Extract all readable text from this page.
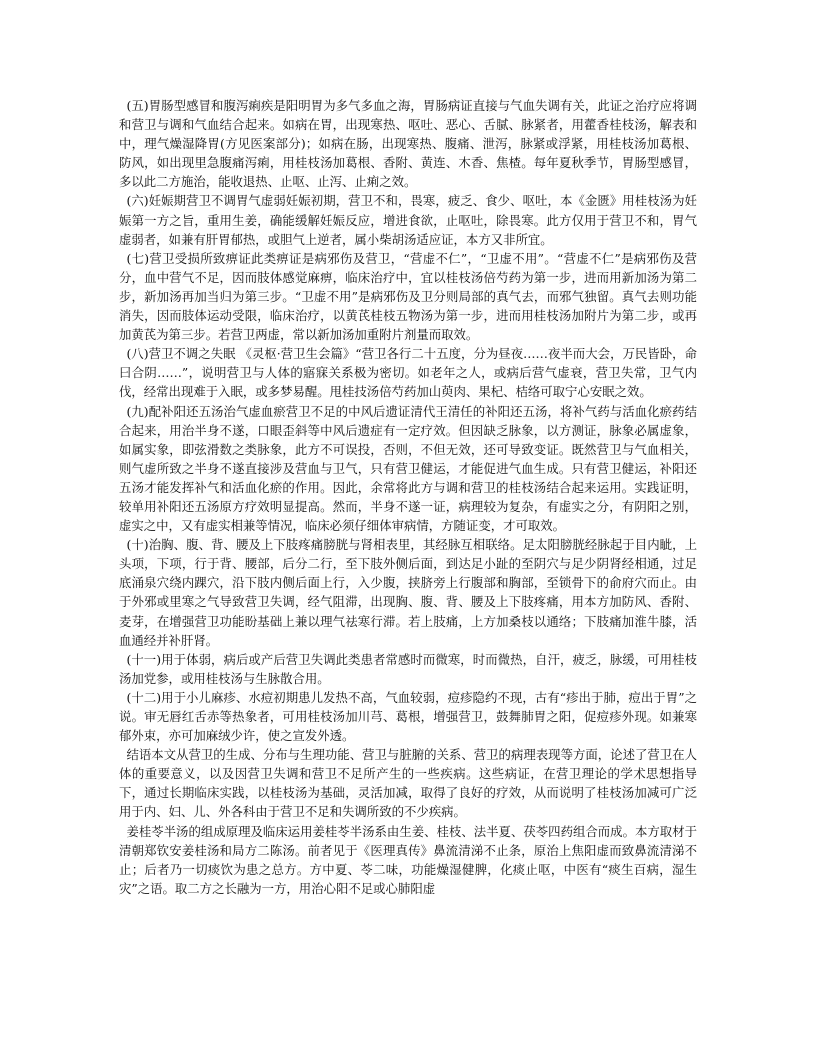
(五)胃肠型感冒和腹泻痢疾是阳明胃为多气多血之海，胃肠病证直接与气血失调有关，此证之治疗应将调和营卫与调和气血结合起来。如病在胃，出现寒热、呕吐、恶心、舌腻、脉紧者，用藿香桂枝汤，解表和中，理气燥湿降胃(方见医案部分)；如病在肠，出现寒热、腹痛、泄泻，脉紧或浮紧，用桂枝汤加葛根、防风，如出现里急腹痛泻痢，用桂枝汤加葛根、香附、黄连、木香、焦楂。每年夏秋季节，胃肠型感冒，多以此二方施治，能收退热、止呕、止泻、止痢之效。

(六)妊娠期营卫不调胃气虚弱妊娠初期，营卫不和，畏寒，疲乏、食少、呕吐，本《金匮》用桂枝汤为妊娠第一方之旨，重用生姜，确能缓解妊娠反应，增进食欲，止呕吐，除畏寒。此方仅用于营卫不和，胃气虚弱者，如兼有肝胃郁热，或胆气上逆者，属小柴胡汤适应证，本方又非所宜。

(七)营卫受损所致痹证此类痹证是病邪伤及营卫，“营虚不仁”，“卫虚不用”。“营虚不仁”是病邪伤及营分，血中营气不足，因而肢体感觉麻痹，临床治疗中，宜以桂枝汤倍芍药为第一步，进而用新加汤为第二步，新加汤再加当归为第三步。“卫虚不用”是病邪伤及卫分则局部的真气去，而邪气独留。真气去则功能消失，因而肢体运动受限，临床治疗，以黄芪桂枝五物汤为第一步，进而用桂枝汤加附片为第二步，或再加黄芪为第三步。若营卫两虚，常以新加汤加重附片剂量而取效。

(八)营卫不调之失眠 《灵枢·营卫生会篇》“营卫各行二十五度，分为昼夜……夜半而大会，万民皆卧，命曰合阴……”，说明营卫与人体的寤寐关系极为密切。如老年之人，或病后营气虚衰，营卫失常，卫气内伐，经常出现难于入眠，或多梦易醒。甩桂技汤倍芍药加山萸肉、果杞、桔络可取宁心安眠之效。

(九)配补阳还五汤治气虚血瘀营卫不足的中风后遗证清代王清任的补阳还五汤，将补气药与活血化瘀药结合起来，用治半身不遂，口眼歪斜等中风后遗症有一定疗效。但因缺乏脉象，以方测证，脉象必属虚象，如属实象，即弦滑数之类脉象，此方不可误投，否则，不但无效，还可导致变证。既然营卫与气血相关，则气虚所致之半身不遂直接涉及营血与卫气，只有营卫健运，才能促进气血生成。只有营卫健运，补阳还五汤才能发挥补气和活血化瘀的作用。因此，余常将此方与调和营卫的桂枝汤结合起来运用。实践证明，较单用补阳还五汤原方疗效明显提高。然而，半身不遂一证，病理较为复杂，有虚实之分，有阴阳之别，虚实之中，又有虚实相兼等情况，临床必须仔细体审病情，方随证变，才可取效。

(十)治胸、腹、背、腰及上下肢疼痛膀胱与肾相表里，其经脉互相联络。足太阳膀胱经脉起于目内眦，上头项，下项，行于背、腰部，后分二行，至下肢外侧后面，到达足小趾的至阴穴与足少阴肾经相通，过足底涌泉穴绕内踝穴，沿下肢内侧后面上行，入少腹，挟脐旁上行腹部和胸部，至锁骨下的俞府穴而止。由于外邪或里寒之气导致营卫失调，经气阻滞，出现胸、腹、背、腰及上下肢疼痛，用本方加防风、香附、麦芽，在增强营卫功能盼基础上兼以理气祛寒行滞。若上肢痛，上方加桑枝以通络；下肢痛加淮牛膝，活血通经并补肝肾。

(十一)用于体弱，病后或产后营卫失调此类患者常感时而微寒，时而微热，自汗，疲乏，脉缓，可用桂枝汤加党参，或用桂枝汤与生脉散合用。

(十二)用于小儿麻疹、水痘初期患儿发热不高，气血较弱，痘疹隐约不现，古有“疹出于肺，痘出于胃”之说。审无唇红舌赤等热象者，可用桂枝汤加川芎、葛根，增强营卫，鼓舞肺胃之阳，促痘疹外现。如兼寒郁外束，亦可加麻绒少许，使之宣发外透。

结语本文从营卫的生成、分布与生理功能、营卫与脏腑的关系、营卫的病理表现等方面，论述了营卫在人体的重要意义，以及因营卫失调和营卫不足所产生的一些疾病。这些病证，在营卫理论的学术思想指导下，通过长期临床实践，以桂枝汤为基础，灵活加减，取得了良好的疗效，从而说明了桂枝汤加减可广泛用于内、妇、儿、外各科由于营卫不足和失调所致的不少疾病。

姜桂苓半汤的组成原理及临床运用姜桂苓半汤系由生姜、桂枝、法半夏、茯苓四药组合而成。本方取材于清朝郑钦安姜桂汤和局方二陈汤。前者见于《医理真传》鼻流清涕不止条，原治上焦阳虚而致鼻流清涕不止；后者乃一切痰饮为患之总方。方中夏、苓二味，功能燥湿健脾，化痰止呕，中医有“痰生百病，湿生灾”之语。取二方之长融为一方，用治心阳不足或心肺阳虚
